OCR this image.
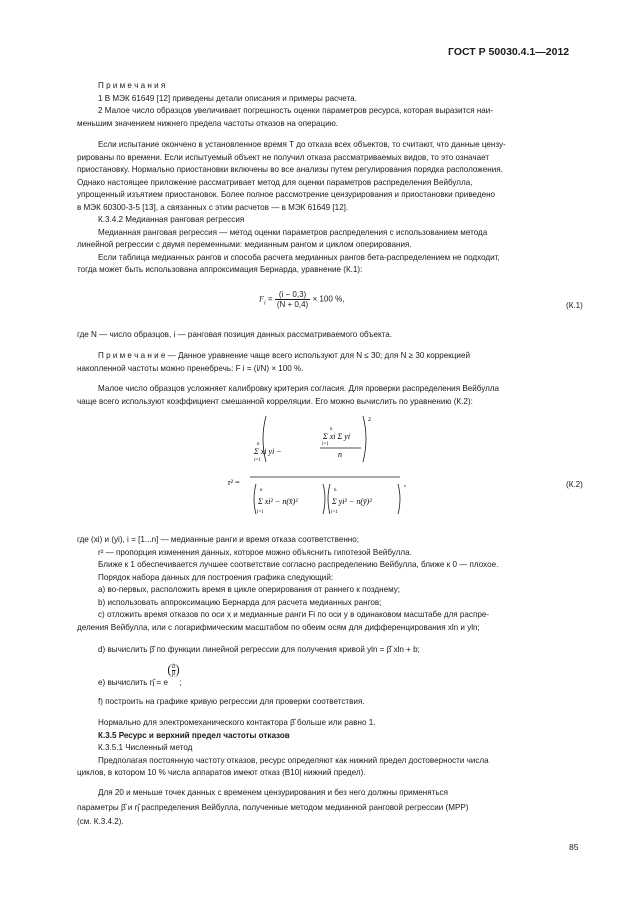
ГОСТ Р 50030.4.1—2012
П р и м е ч а н и я
1 В МЭК 61649 [12] приведены детали описания и примеры расчета.
2 Малое число образцов увеличивает погрешность оценки параметров ресурса, которая выразится наи-
меньшим значением нижнего предела частоты отказов на операцию.
Если испытание окончено в установленное время T до отказа всех объектов, то считают, что данные цензу-
рированы по времени. Если испытуемый объект не получил отказа рассматриваемых видов, то это означает
приостановку. Нормально приостановки включены во все анализы путем регулирования порядка расположения.
Однако настоящее приложение рассматривает метод для оценки параметров распределения Вейбулла,
упрощенный изъятием приостановок. Более полное рассмотрение цензурирования и приостановки приведено
в МЭК 60300-3-5 [13], а связанных с этим расчетов — в МЭК 61649 [12].
К.3.4.2 Медианная ранговая регрессия
Медианная ранговая регрессия — метод оценки параметров распределения с использованием метода
линейной регрессии с двумя переменными: медианным рангом и циклом оперирования.
Если таблица медианных рангов и способа расчета медианных рангов бета-распределением не подходит,
тогда может быть использована аппроксимация Бернарда, уравнение (К.1):
$F_i = \frac{(i - 0,3)}{(N + 0,4)} \times 100$ %,
(К.1)
где N — число образцов, i — ранговая позиция данных рассматриваемого объекта.
П р и м е ч а н и е — Данное уравнение чаще всего используют для N ≤ 30; для N ≥ 30 коррекцией
накопленной частоты можно пренебречь: F i = (i/N) × 100 %.
Малое число образцов усложняет калибровку критерия согласия. Для проверки распределения Вейбулла
чаще всего используют коэффициент смешанной корреляции. Его можно вычислить по уравнению (К.2):
r² =
2
n
i=1
Σ xi yi −
n
i=1
Σ xi Σ yi
n
n
i=1
Σ xi² − n(x̄)²
n
i=1
Σ yi² − n(ȳ)²
,	(К.2)
где (xi) и (yi), i = [1...n] — медианные ранги и время отказа соответственно;
r² — пропорция изменения данных, которое можно объяснить гипотезой Вейбулла.
Ближе к 1 обеспечивается лучшее соответствие согласно распределению Вейбулла, ближе к 0 — плохое.
Порядок набора данных для построения графика следующий:
а) во-первых, расположить время в цикле оперирования от раннего к позднему;
b) использовать аппроксимацию Бернарда для расчета медианных рангов;
с) отложить время отказов по оси x и медианные ранги Fi по оси y в одинаковом масштабе для распре-
деления Вейбулла, или с логарифмическим масштабом по обеим осям для дифференцирования xln и yln;
d) вычислить β̂ по функции линейной регрессии для получения кривой yln = β̂ xln + b;
е) вычислить η̂ = e
$\frac{b}{\betâ}$
;
f) построить на графике кривую регрессии для проверки соответствия.
Нормально для электромеханического контактора β̂ больше или равно 1.
К.3.5 Ресурс и верхний предел частоты отказов
К.3.5.1 Численный метод
Предполагая постоянную частоту отказов, ресурс определяют как нижний предел достоверности числа
циклов, в котором 10 % числа аппаратов имеют отказ (B10| нижний предел).
Для 20 и меньше точек данных с временем цензурирования и без него должны применяться
параметры β̂ и η̂ распределения Вейбулла, полученные методом медианной ранговой регрессии (МРР)
(см. К.3.4.2).
85
